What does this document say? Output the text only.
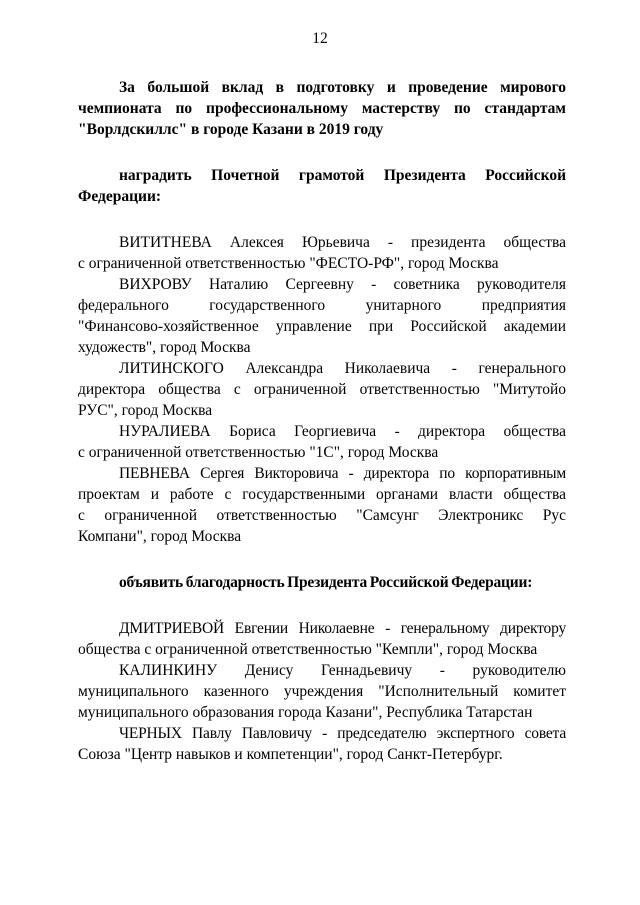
12
За большой вклад в подготовку и проведение мирового
чемпионата по профессиональному мастерству по стандартам
"Ворлдскиллс" в городе Казани в 2019 году
наградить Почетной грамотой Президента Российской
Федерации:
ВИТИТНЕВА Алексея Юрьевича - президента общества
с ограниченной ответственностью "ФЕСТО-РФ", город Москва
ВИХРОВУ Наталию Сергеевну - советника руководителя
федерального государственного унитарного предприятия
"Финансово-хозяйственное управление при Российской академии
художеств", город Москва
ЛИТИНСКОГО Александра Николаевича - генерального
директора общества с ограниченной ответственностью "Митутойо
РУС", город Москва
НУРАЛИЕВА Бориса Георгиевича - директора общества
с ограниченной ответственностью "1С", город Москва
ПЕВНЕВА Сергея Викторовича - директора по корпоративным
проектам и работе с государственными органами власти общества
с ограниченной ответственностью "Самсунг Электроникс Рус
Компани", город Москва
объявить благодарность Президента Российской Федерации:
ДМИТРИЕВОЙ Евгении Николаевне - генеральному директору
общества с ограниченной ответственностью "Кемпли", город Москва
КАЛИНКИНУ Денису Геннадьевичу - руководителю
муниципального казенного учреждения "Исполнительный комитет
муниципального образования города Казани", Республика Татарстан
ЧЕРНЫХ Павлу Павловичу - председателю экспертного совета
Союза "Центр навыков и компетенции", город Санкт-Петербург.
